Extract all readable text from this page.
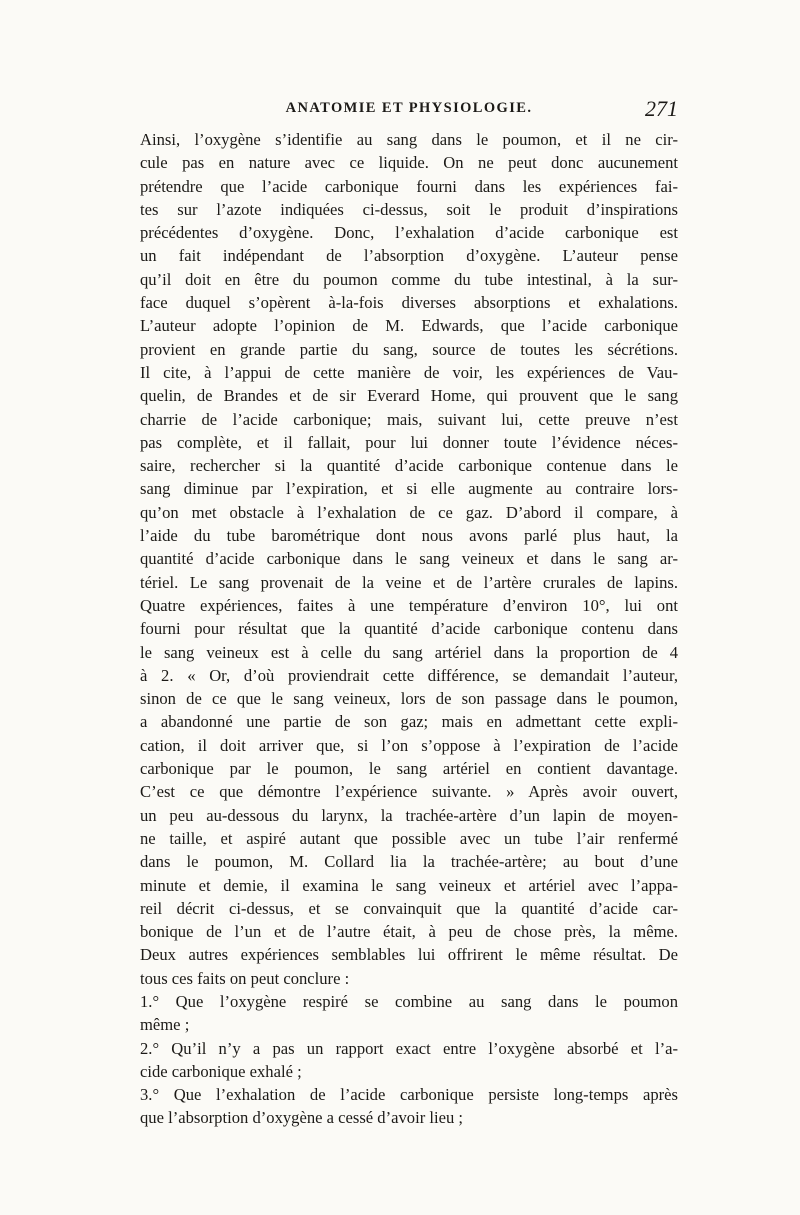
ANATOMIE ET PHYSIOLOGIE.	271
Ainsi, l’oxygène s’identifie au sang dans le poumon, et il ne cir-
cule pas en nature avec ce liquide. On ne peut donc aucunement
prétendre que l’acide carbonique fourni dans les expériences fai-
tes sur l’azote indiquées ci-dessus, soit le produit d’inspirations
précédentes d’oxygène. Donc, l’exhalation d’acide carbonique est
un fait indépendant de l’absorption d’oxygène. L’auteur pense
qu’il doit en être du poumon comme du tube intestinal, à la sur-
face duquel s’opèrent à-la-fois diverses absorptions et exhalations.
L’auteur adopte l’opinion de M. Edwards, que l’acide carbonique
provient en grande partie du sang, source de toutes les sécrétions.
Il cite, à l’appui de cette manière de voir, les expériences de Vau-
quelin, de Brandes et de sir Everard Home, qui prouvent que le sang
charrie de l’acide carbonique; mais, suivant lui, cette preuve n’est
pas complète, et il fallait, pour lui donner toute l’évidence néces-
saire, rechercher si la quantité d’acide carbonique contenue dans le
sang diminue par l’expiration, et si elle augmente au contraire lors-
qu’on met obstacle à l’exhalation de ce gaz. D’abord il compare, à
l’aide du tube barométrique dont nous avons parlé plus haut, la
quantité d’acide carbonique dans le sang veineux et dans le sang ar-
tériel. Le sang provenait de la veine et de l’artère crurales de lapins.
Quatre expériences, faites à une température d’environ 10°, lui ont
fourni pour résultat que la quantité d’acide carbonique contenu dans
le sang veineux est à celle du sang artériel dans la proportion de 4
à 2. « Or, d’où proviendrait cette différence, se demandait l’auteur,
sinon de ce que le sang veineux, lors de son passage dans le poumon,
a abandonné une partie de son gaz; mais en admettant cette expli-
cation, il doit arriver que, si l’on s’oppose à l’expiration de l’acide
carbonique par le poumon, le sang artériel en contient davantage.
C’est ce que démontre l’expérience suivante. » Après avoir ouvert,
un peu au-dessous du larynx, la trachée-artère d’un lapin de moyen-
ne taille, et aspiré autant que possible avec un tube l’air renfermé
dans le poumon, M. Collard lia la trachée-artère; au bout d’une
minute et demie, il examina le sang veineux et artériel avec l’appa-
reil décrit ci-dessus, et se convainquit que la quantité d’acide car-
bonique de l’un et de l’autre était, à peu de chose près, la même.
Deux autres expériences semblables lui offrirent le même résultat. De
tous ces faits on peut conclure :
1.° Que l’oxygène respiré se combine au sang dans le poumon
même ;
2.° Qu’il n’y a pas un rapport exact entre l’oxygène absorbé et l’a-
cide carbonique exhalé ;
3.° Que l’exhalation de l’acide carbonique persiste long-temps après
que l’absorption d’oxygène a cessé d’avoir lieu ;
